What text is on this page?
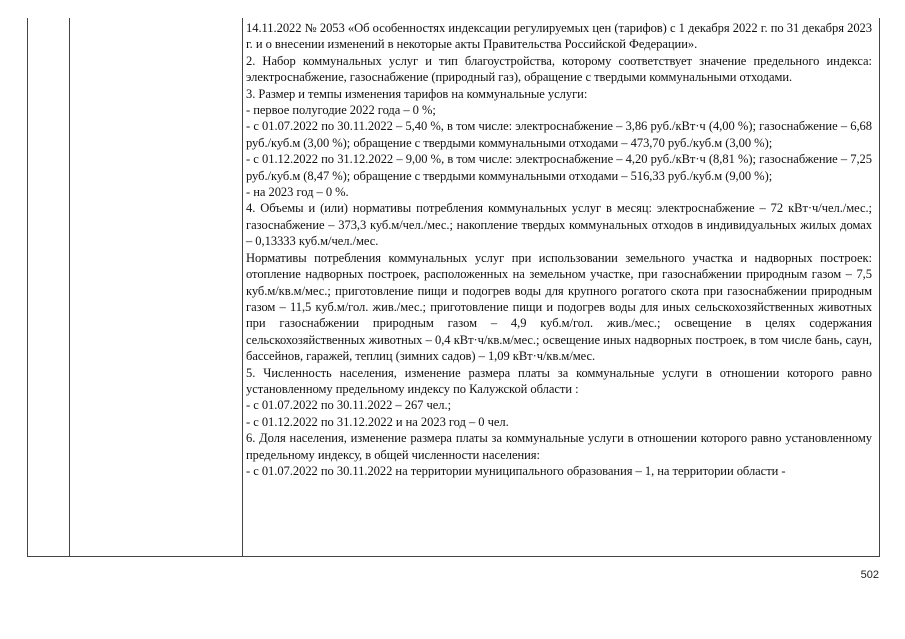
14.11.2022 № 2053 «Об особенностях индексации регулируемых цен (тарифов) с 1 декабря 2022 г. по 31 декабря 2023 г. и о внесении изменений в некоторые акты Правительства Российской Федерации».

2. Набор коммунальных услуг и тип благоустройства, которому соответствует значение предельного индекса: электроснабжение, газоснабжение (природный газ), обращение с твердыми коммунальными отходами.

3. Размер и темпы изменения тарифов на коммунальные услуги:

- первое полугодие 2022 года – 0 %;

- с 01.07.2022 по 30.11.2022 – 5,40 %, в том числе: электроснабжение – 3,86 руб./кВт·ч (4,00 %); газоснабжение – 6,68 руб./куб.м (3,00 %); обращение с твердыми коммунальными отходами – 473,70 руб./куб.м (3,00 %);

- с 01.12.2022 по 31.12.2022 – 9,00 %, в том числе: электроснабжение – 4,20 руб./кВт·ч (8,81 %); газоснабжение – 7,25 руб./куб.м (8,47 %); обращение с твердыми коммунальными отходами – 516,33 руб./куб.м (9,00 %);

- на 2023 год – 0 %.

4. Объемы и (или) нормативы потребления коммунальных услуг в месяц: электроснабжение – 72 кВт·ч/чел./мес.; газоснабжение – 373,3 куб.м/чел./мес.; накопление твердых коммунальных отходов в индивидуальных жилых домах – 0,13333 куб.м/чел./мес.

Нормативы потребления коммунальных услуг при использовании земельного участка и надворных построек: отопление надворных построек, расположенных на земельном участке, при газоснабжении природным газом – 7,5 куб.м/кв.м/мес.; приготовление пищи и подогрев воды для крупного рогатого скота при газоснабжении природным газом – 11,5 куб.м/гол. жив./мес.; приготовление пищи и подогрев воды для иных сельскохозяйственных животных при газоснабжении природным газом – 4,9 куб.м/гол. жив./мес.; освещение в целях содержания сельскохозяйственных животных – 0,4 кВт·ч/кв.м/мес.; освещение иных надворных построек, в том числе бань, саун, бассейнов, гаражей, теплиц (зимних садов) – 1,09 кВт·ч/кв.м/мес.

5. Численность населения, изменение размера платы за коммунальные услуги в отношении которого равно установленному предельному индексу по Калужской области :

- с 01.07.2022 по 30.11.2022 – 267 чел.;

- с 01.12.2022 по 31.12.2022 и на 2023 год – 0 чел.

6. Доля населения, изменение размера платы за коммунальные услуги в отношении которого равно установленному предельному индексу, в общей численности населения:

- с 01.07.2022 по 30.11.2022 на территории муниципального образования – 1, на территории области -

502
